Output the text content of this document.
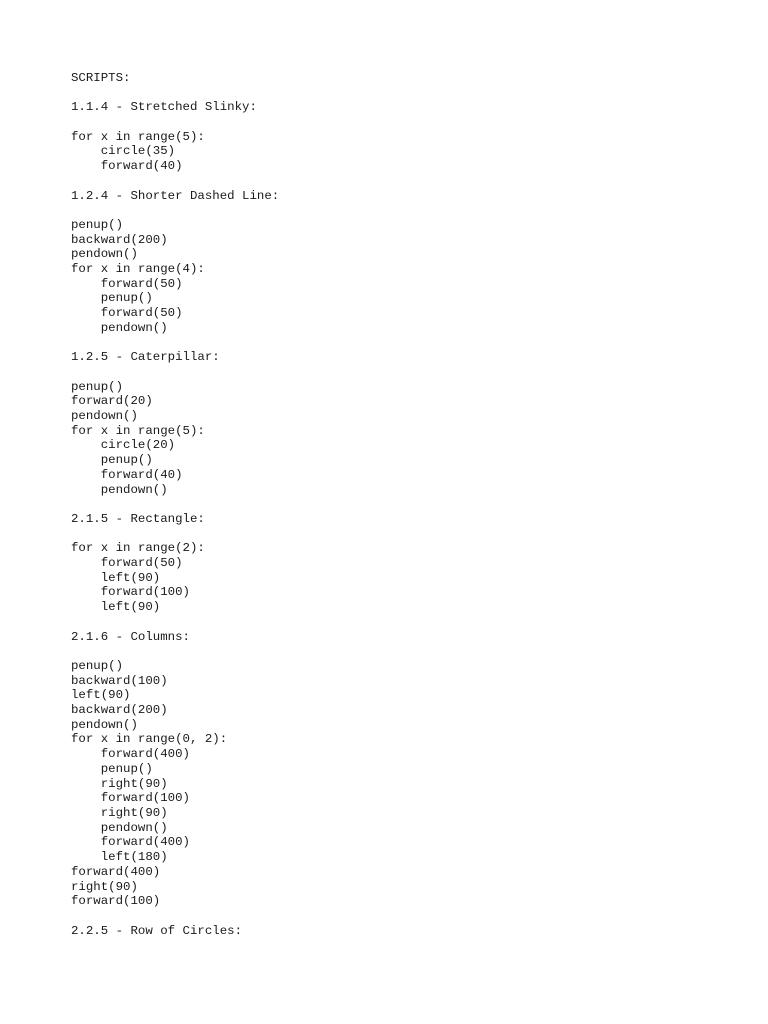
SCRIPTS:
1.1.4 - Stretched Slinky:
for x in range(5):
circle(35)
forward(40)
1.2.4 - Shorter Dashed Line:
penup()
backward(200)
pendown()
for x in range(4):
forward(50)
penup()
forward(50)
pendown()
1.2.5 - Caterpillar:
penup()
forward(20)
pendown()
for x in range(5):
circle(20)
penup()
forward(40)
pendown()
2.1.5 - Rectangle:
for x in range(2):
forward(50)
left(90)
forward(100)
left(90)
2.1.6 - Columns:
penup()
backward(100)
left(90)
backward(200)
pendown()
for x in range(0, 2):
forward(400)
penup()
right(90)
forward(100)
right(90)
pendown()
forward(400)
left(180)
forward(400)
right(90)
forward(100)
2.2.5 - Row of Circles:
